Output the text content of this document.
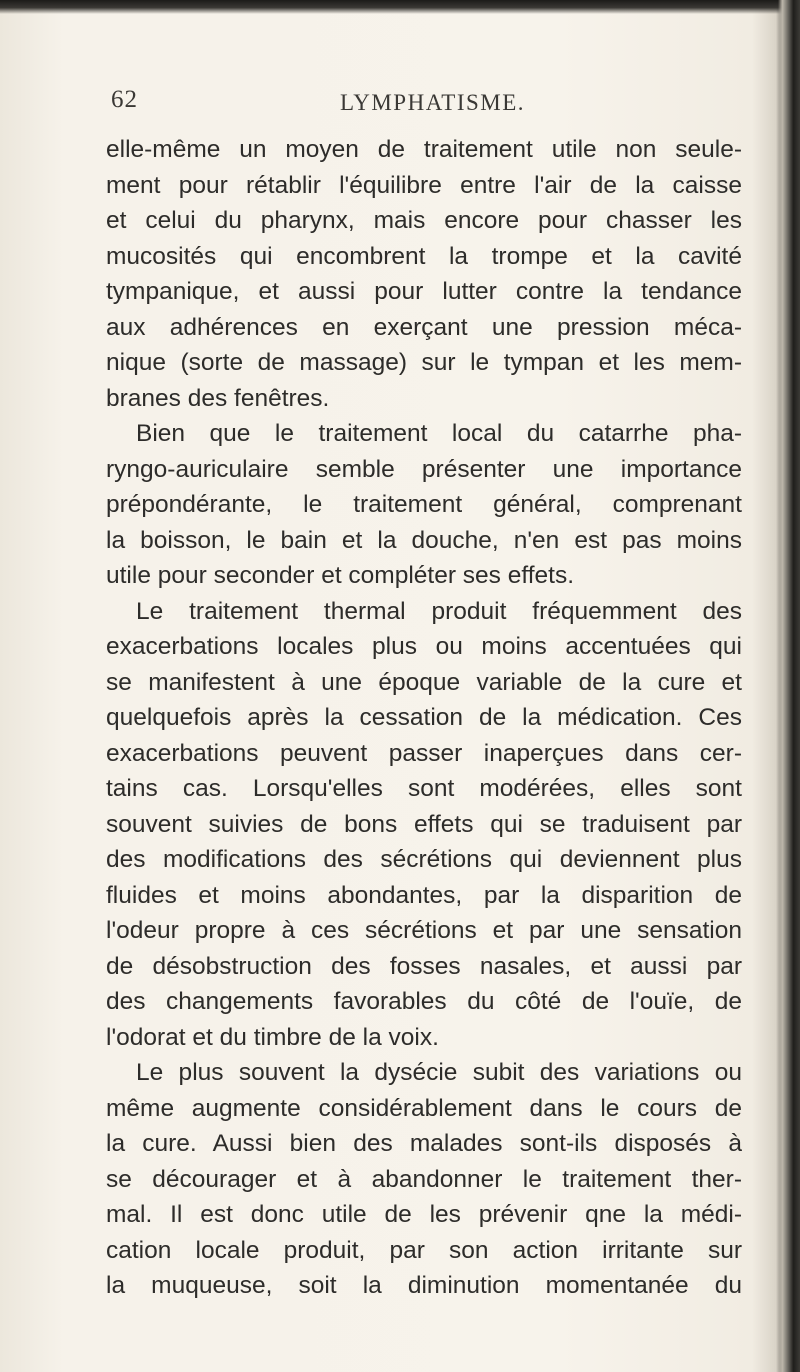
62	LYMPHATISME.
elle-même un moyen de traitement utile non seule-
ment pour rétablir l'équilibre entre l'air de la caisse
et celui du pharynx, mais encore pour chasser les
mucosités qui encombrent la trompe et la cavité
tympanique, et aussi pour lutter contre la tendance
aux adhérences en exerçant une pression méca-
nique (sorte de massage) sur le tympan et les mem-
branes des fenêtres.
Bien que le traitement local du catarrhe pha-
ryngo-auriculaire semble présenter une importance
prépondérante, le traitement général, comprenant
la boisson, le bain et la douche, n'en est pas moins
utile pour seconder et compléter ses effets.
Le traitement thermal produit fréquemment des
exacerbations locales plus ou moins accentuées qui
se manifestent à une époque variable de la cure et
quelquefois après la cessation de la médication. Ces
exacerbations peuvent passer inaperçues dans cer-
tains cas. Lorsqu'elles sont modérées, elles sont
souvent suivies de bons effets qui se traduisent par
des modifications des sécrétions qui deviennent plus
fluides et moins abondantes, par la disparition de
l'odeur propre à ces sécrétions et par une sensation
de désobstruction des fosses nasales, et aussi par
des changements favorables du côté de l'ouïe, de
l'odorat et du timbre de la voix.
Le plus souvent la dysécie subit des variations ou
même augmente considérablement dans le cours de
la cure. Aussi bien des malades sont-ils disposés à
se décourager et à abandonner le traitement ther-
mal. Il est donc utile de les prévenir qne la médi-
cation locale produit, par son action irritante sur
la muqueuse, soit la diminution momentanée du
